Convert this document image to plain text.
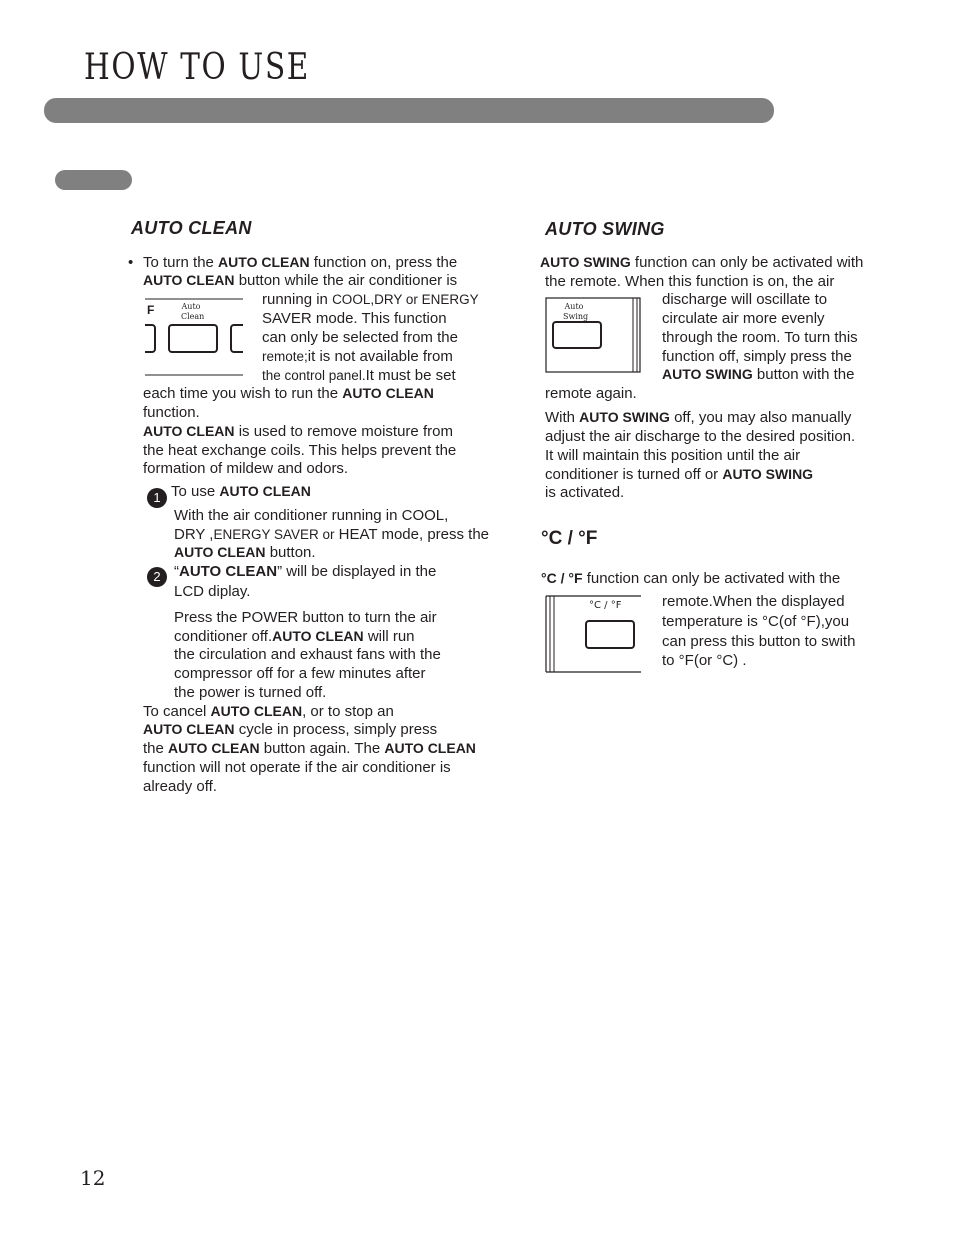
HOW TO USE
AUTO CLEAN
• To turn the AUTO CLEAN function on, press the
AUTO CLEAN button while the air conditioner is
F	Auto
Clean
running in COOL,DRY or ENERGY
SAVER mode. This function
can only be selected from the
remote;it is not available from
the control panel.It must be set
each time you wish to run the AUTO CLEAN
function.
AUTO CLEAN is used to remove moisture from
the heat exchange coils. This helps prevent the
formation of mildew and odors.
1 To use AUTO CLEAN
With the air conditioner running in COOL,
DRY ,ENERGY SAVER or HEAT mode, press the
AUTO CLEAN button.
2 “AUTO CLEAN” will be displayed in the
LCD diplay.
Press the POWER button to turn the air
conditioner off.AUTO CLEAN will run
the circulation and exhaust fans with the
compressor off for a few minutes after
the power is turned off.
To cancel AUTO CLEAN, or to stop an
AUTO CLEAN cycle in process, simply press
the AUTO CLEAN button again. The AUTO CLEAN
function will not operate if the air conditioner is
already off.
AUTO SWING
AUTO SWING function can only be activated with
the remote. When this function is on, the air
Auto
Swing
discharge will oscillate to
circulate air more evenly
through the room. To turn this
function off, simply press the
AUTO SWING button with the
remote again.
With AUTO SWING off, you may also manually
adjust the air discharge to the desired position.
It will maintain this position until the air
conditioner is turned off or AUTO SWING
is activated.
°C / °F
°C / °F function can only be activated with the
°C / °F	remote.When the displayed
temperature is °C(of °F),you
can press this button to swith
to °F(or °C) .
12
